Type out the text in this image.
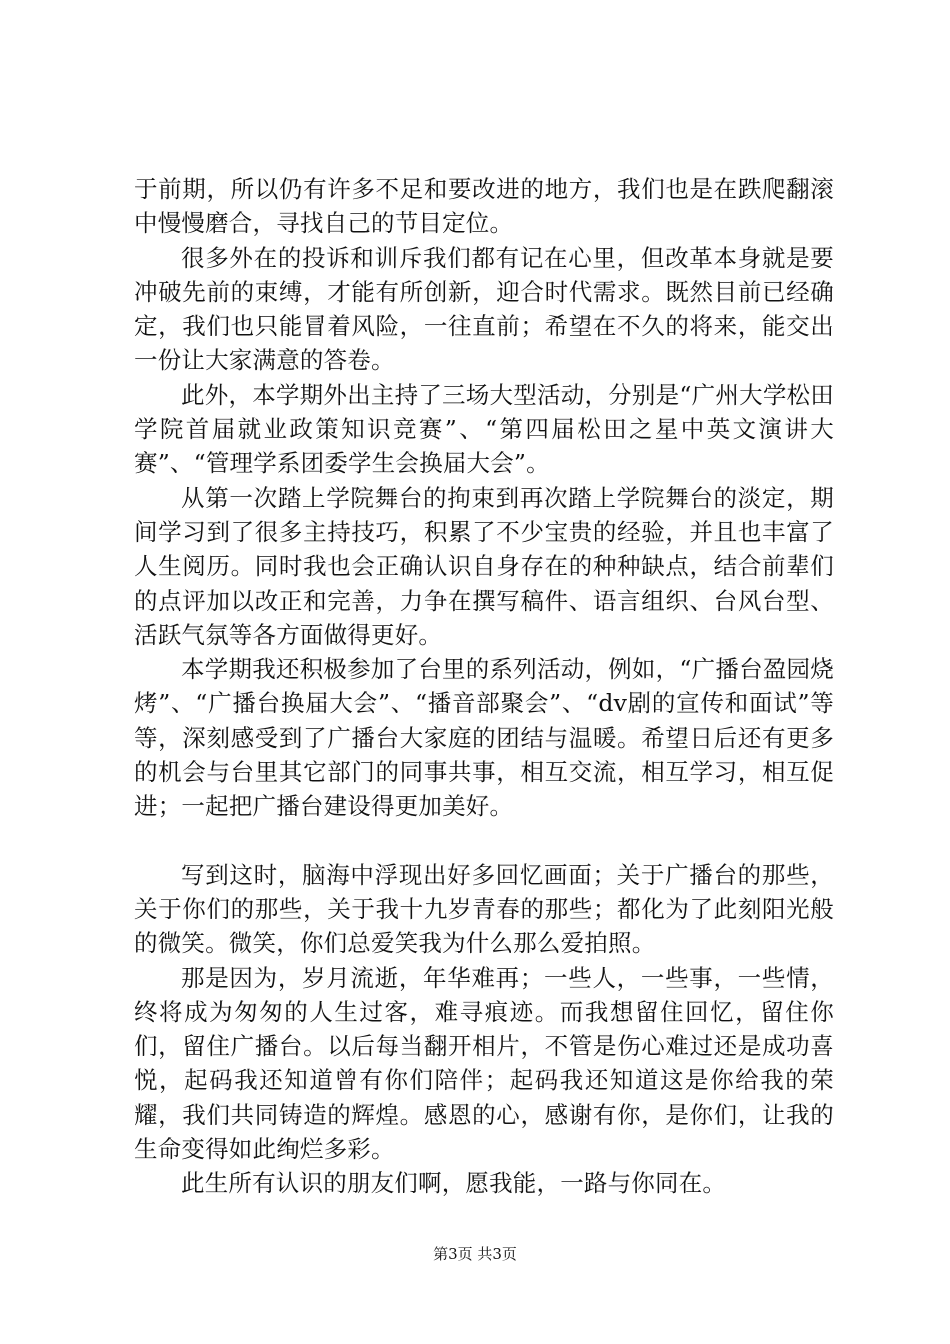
于前期，所以仍有许多不足和要改进的地方，我们也是在跌爬翻滚中慢慢磨合，寻找自己的节目定位。

很多外在的投诉和训斥我们都有记在心里，但改革本身就是要冲破先前的束缚，才能有所创新，迎合时代需求。既然目前已经确定，我们也只能冒着风险，一往直前；希望在不久的将来，能交出一份让大家满意的答卷。

此外，本学期外出主持了三场大型活动，分别是“广州大学松田学院首届就业政策知识竞赛”、“第四届松田之星中英文演讲大赛”、“管理学系团委学生会换届大会”。

从第一次踏上学院舞台的拘束到再次踏上学院舞台的淡定，期间学习到了很多主持技巧，积累了不少宝贵的经验，并且也丰富了人生阅历。同时我也会正确认识自身存在的种种缺点，结合前辈们的点评加以改正和完善，力争在撰写稿件、语言组织、台风台型、活跃气氛等各方面做得更好。

本学期我还积极参加了台里的系列活动，例如，“广播台盈园烧烤”、“广播台换届大会”、“播音部聚会”、“dv剧的宣传和面试”等等，深刻感受到了广播台大家庭的团结与温暖。希望日后还有更多的机会与台里其它部门的同事共事，相互交流，相互学习，相互促进；一起把广播台建设得更加美好。

写到这时，脑海中浮现出好多回忆画面；关于广播台的那些，关于你们的那些，关于我十九岁青春的那些；都化为了此刻阳光般的微笑。微笑，你们总爱笑我为什么那么爱拍照。

那是因为，岁月流逝，年华难再；一些人，一些事，一些情，终将成为匆匆的人生过客，难寻痕迹。而我想留住回忆，留住你们，留住广播台。以后每当翻开相片，不管是伤心难过还是成功喜悦，起码我还知道曾有你们陪伴；起码我还知道这是你给我的荣耀，我们共同铸造的辉煌。感恩的心，感谢有你，是你们，让我的生命变得如此绚烂多彩。

此生所有认识的朋友们啊，愿我能，一路与你同在。

第3页 共3页
